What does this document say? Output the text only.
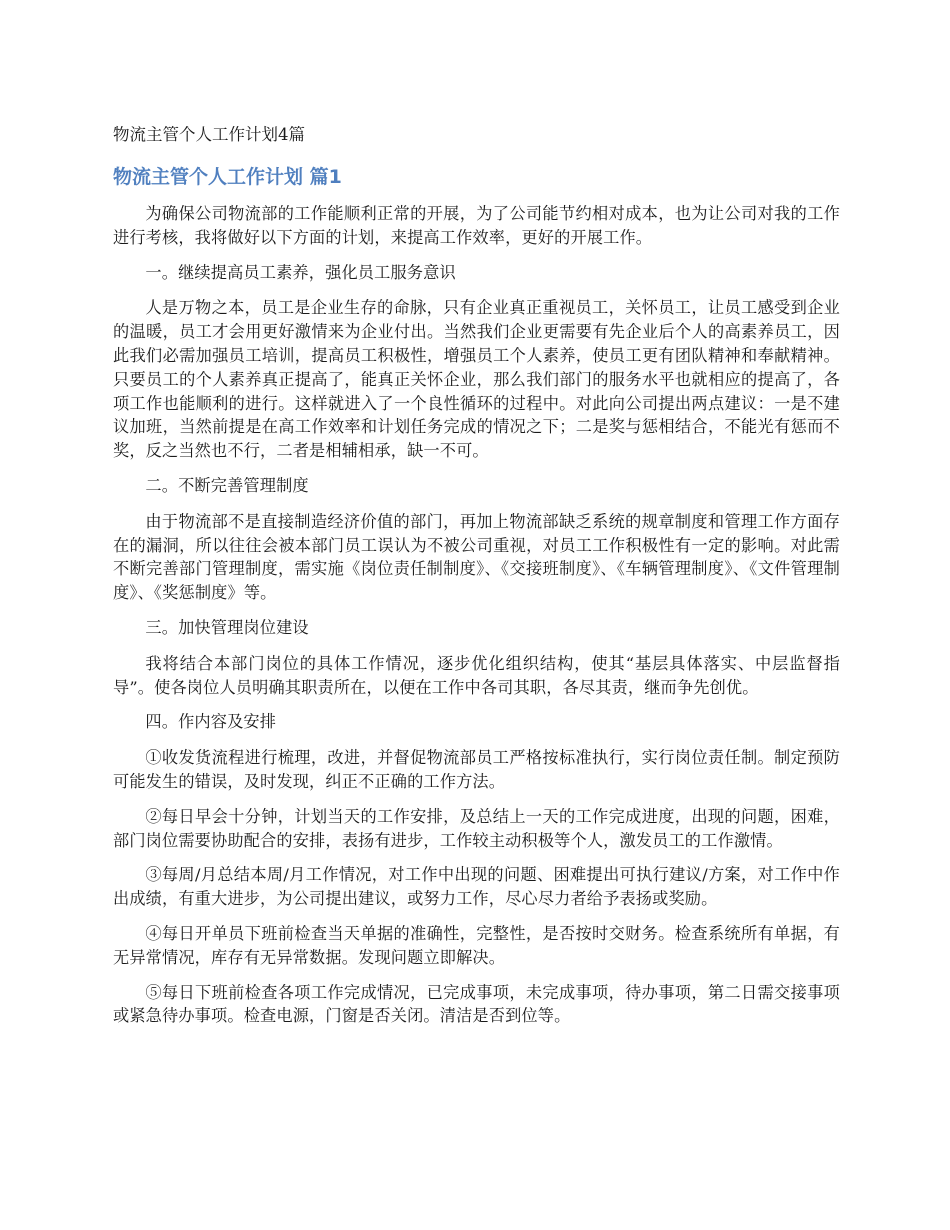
物流主管个人工作计划4篇
物流主管个人工作计划 篇1

为确保公司物流部的工作能顺利正常的开展，为了公司能节约相对成本，也为让公司对我的工作进行考核，我将做好以下方面的计划，来提高工作效率，更好的开展工作。

一。继续提高员工素养，强化员工服务意识

人是万物之本，员工是企业生存的命脉，只有企业真正重视员工，关怀员工，让员工感受到企业的温暖，员工才会用更好激情来为企业付出。当然我们企业更需要有先企业后个人的高素养员工，因此我们必需加强员工培训，提高员工积极性，增强员工个人素养，使员工更有团队精神和奉献精神。只要员工的个人素养真正提高了，能真正关怀企业，那么我们部门的服务水平也就相应的提高了，各项工作也能顺利的进行。这样就进入了一个良性循环的过程中。对此向公司提出两点建议：一是不建议加班，当然前提是在高工作效率和计划任务完成的情况之下；二是奖与惩相结合，不能光有惩而不奖，反之当然也不行，二者是相辅相承，缺一不可。

二。不断完善管理制度

由于物流部不是直接制造经济价值的部门，再加上物流部缺乏系统的规章制度和管理工作方面存在的漏洞，所以往往会被本部门员工误认为不被公司重视，对员工工作积极性有一定的影响。对此需不断完善部门管理制度，需实施《岗位责任制制度》、《交接班制度》、《车辆管理制度》、《文件管理制度》、《奖惩制度》等。

三。加快管理岗位建设

我将结合本部门岗位的具体工作情况，逐步优化组织结构，使其“基层具体落实、中层监督指导”。使各岗位人员明确其职责所在，以便在工作中各司其职，各尽其责，继而争先创优。

四。作内容及安排

①收发货流程进行梳理，改进，并督促物流部员工严格按标准执行，实行岗位责任制。制定预防可能发生的错误，及时发现，纠正不正确的工作方法。

②每日早会十分钟，计划当天的工作安排，及总结上一天的工作完成进度，出现的问题，困难，部门岗位需要协助配合的安排，表扬有进步，工作较主动积极等个人，激发员工的工作激情。

③每周/月总结本周/月工作情况，对工作中出现的问题、困难提出可执行建议/方案，对工作中作出成绩，有重大进步，为公司提出建议，或努力工作，尽心尽力者给予表扬或奖励。

④每日开单员下班前检查当天单据的准确性，完整性，是否按时交财务。检查系统所有单据，有无异常情况，库存有无异常数据。发现问题立即解决。

⑤每日下班前检查各项工作完成情况，已完成事项，未完成事项，待办事项，第二日需交接事项或紧急待办事项。检查电源，门窗是否关闭。清洁是否到位等。
